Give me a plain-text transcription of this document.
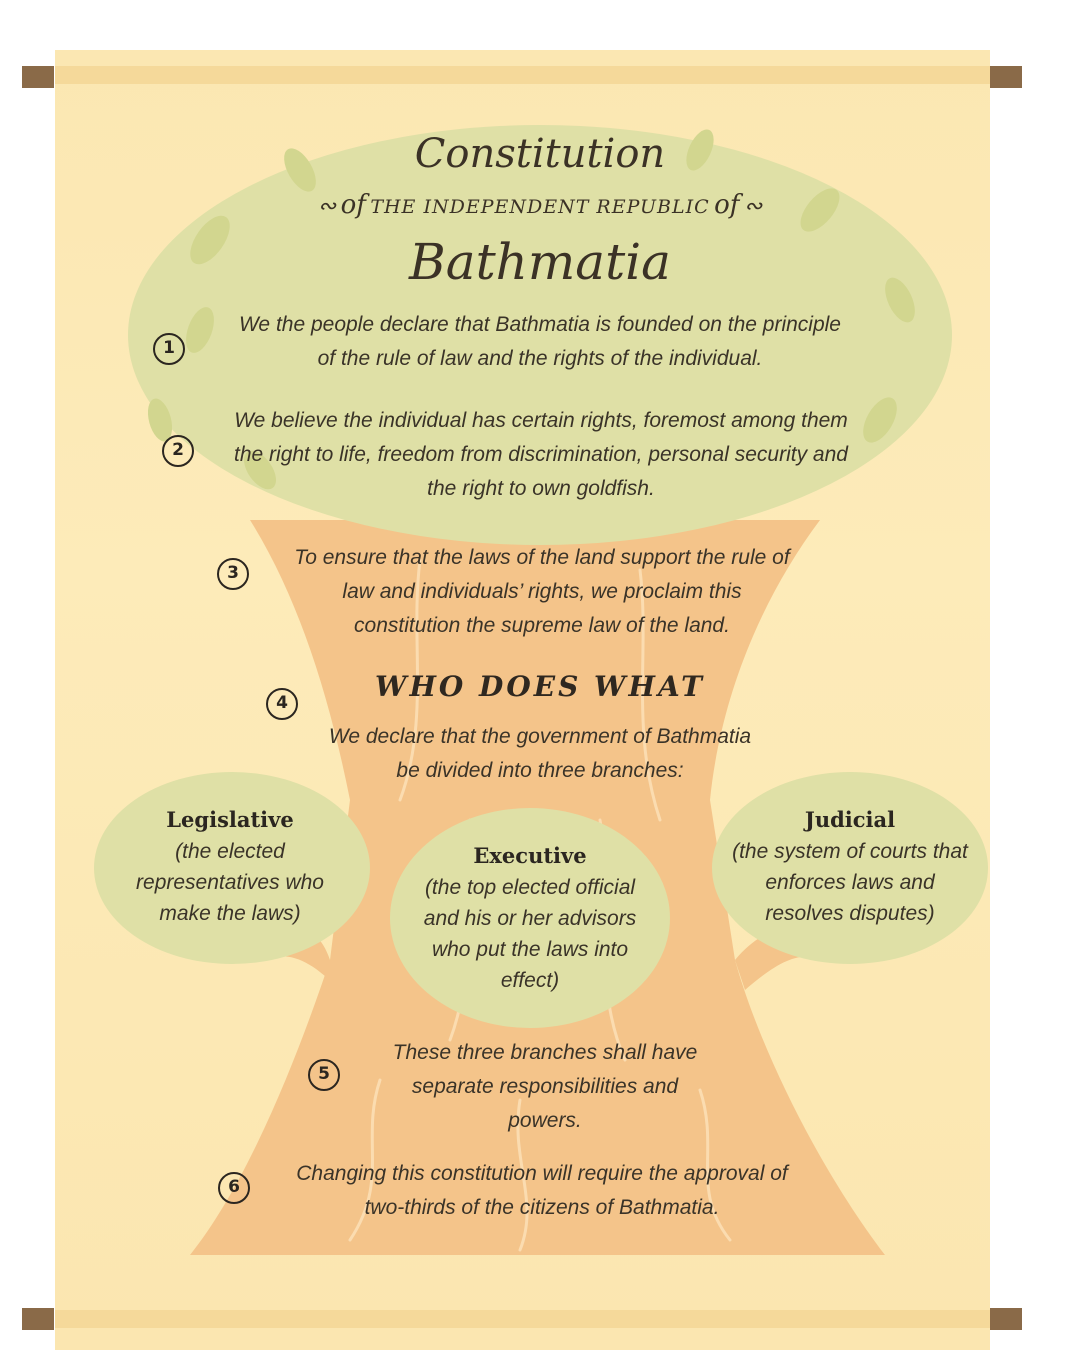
Constitution

∾ of THE INDEPENDENT REPUBLIC of ∾

Bathmatia

1

We the people declare that Bathmatia is founded on the principle of the rule of law and the rights of the individual.

2

We believe the individual has certain rights, foremost among them the right to life, freedom from discrimination, personal security and the right to own goldfish.

3

To ensure that the laws of the land support the rule of law and individuals’ rights, we proclaim this constitution the supreme law of the land.

4	WHO DOES WHAT

We declare that the government of Bathmatia be divided into three branches:

Legislative

(the elected representatives who make the laws)

Executive

(the top elected official and his or her advisors who put the laws into effect)

Judicial

(the system of courts that enforces laws and resolves disputes)

5

These three branches shall have separate responsibilities and powers.

6

Changing this constitution will require the approval of two-thirds of the citizens of Bathmatia.
